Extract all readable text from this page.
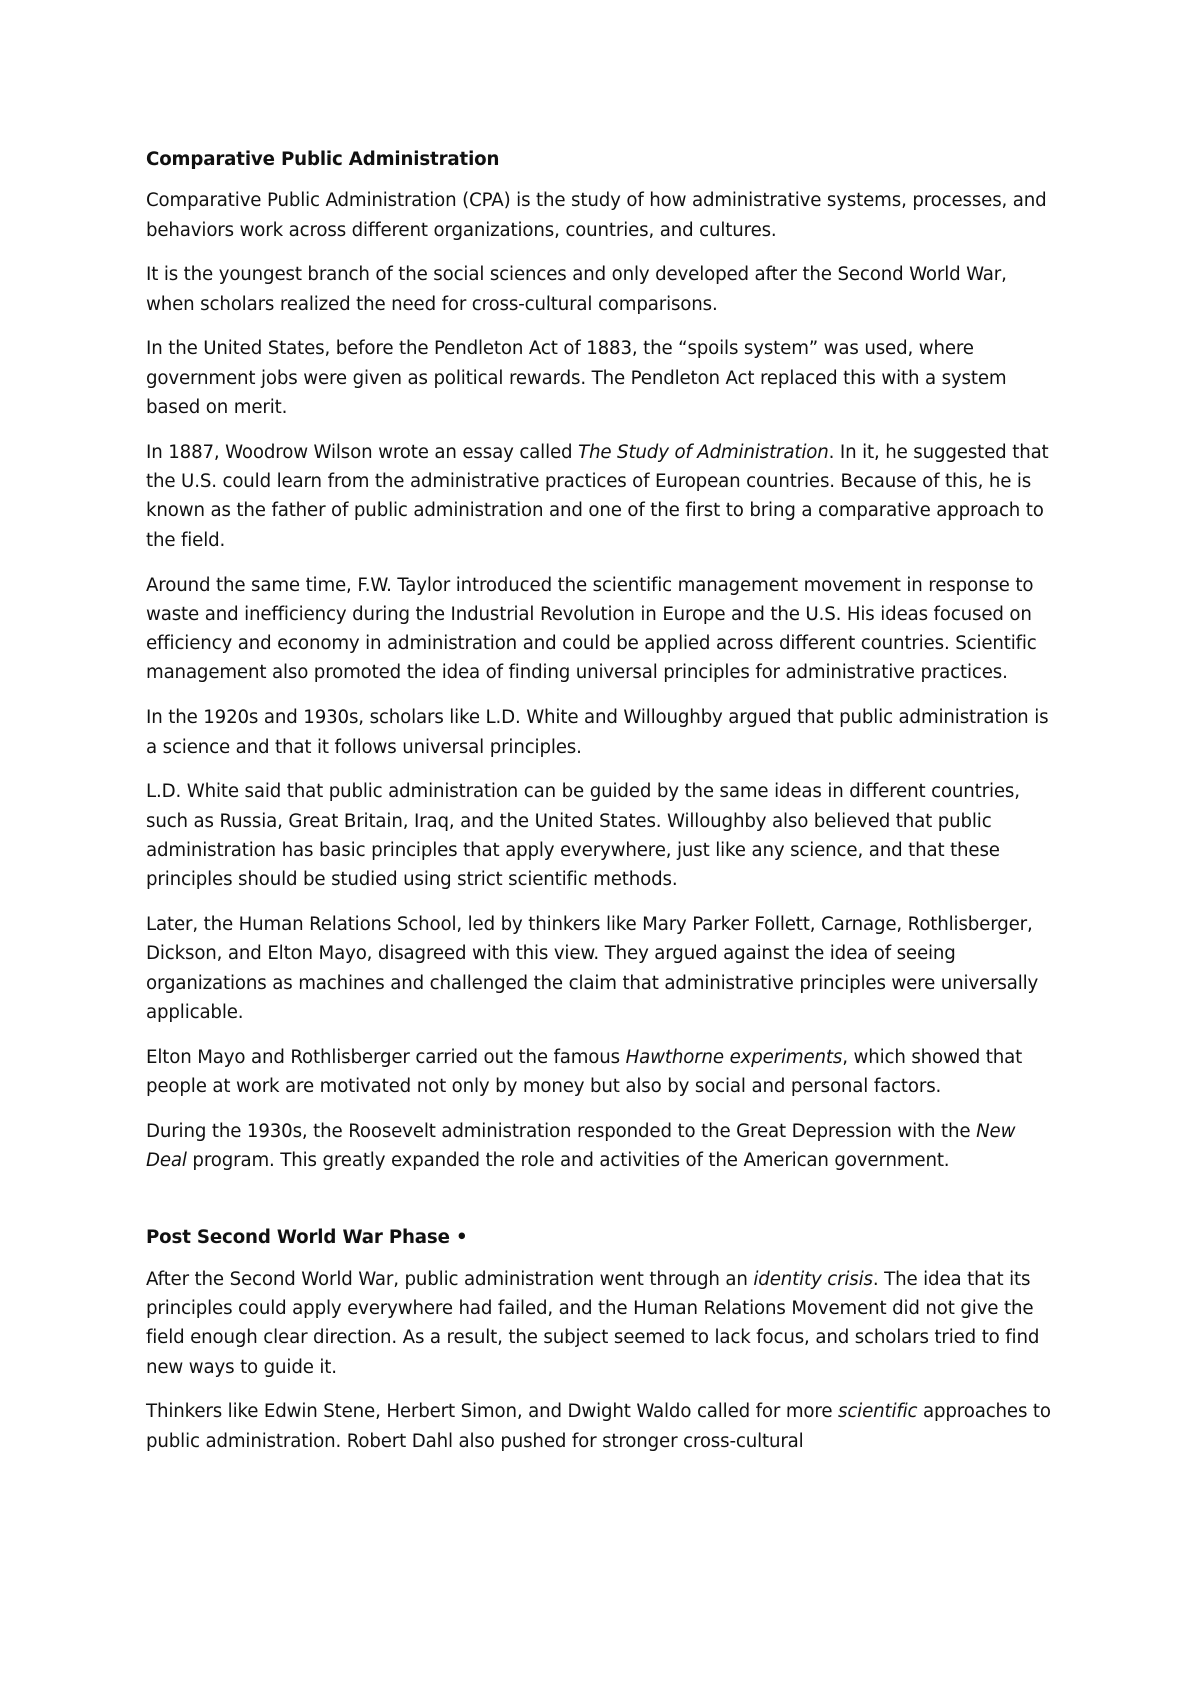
Comparative Public Administration

Comparative Public Administration (CPA) is the study of how administrative systems, processes, and behaviors work across different organizations, countries, and cultures.

It is the youngest branch of the social sciences and only developed after the Second World War, when scholars realized the need for cross-cultural comparisons.

In the United States, before the Pendleton Act of 1883, the “spoils system” was used, where government jobs were given as political rewards. The Pendleton Act replaced this with a system based on merit.

In 1887, Woodrow Wilson wrote an essay called The Study of Administration. In it, he suggested that the U.S. could learn from the administrative practices of European countries. Because of this, he is known as the father of public administration and one of the first to bring a comparative approach to the field.

Around the same time, F.W. Taylor introduced the scientific management movement in response to waste and inefficiency during the Industrial Revolution in Europe and the U.S. His ideas focused on efficiency and economy in administration and could be applied across different countries. Scientific management also promoted the idea of finding universal principles for administrative practices.

In the 1920s and 1930s, scholars like L.D. White and Willoughby argued that public administration is a science and that it follows universal principles.

L.D. White said that public administration can be guided by the same ideas in different countries, such as Russia, Great Britain, Iraq, and the United States. Willoughby also believed that public administration has basic principles that apply everywhere, just like any science, and that these principles should be studied using strict scientific methods.

Later, the Human Relations School, led by thinkers like Mary Parker Follett, Carnage, Rothlisberger, Dickson, and Elton Mayo, disagreed with this view. They argued against the idea of seeing organizations as machines and challenged the claim that administrative principles were universally applicable.

Elton Mayo and Rothlisberger carried out the famous Hawthorne experiments, which showed that people at work are motivated not only by money but also by social and personal factors.

During the 1930s, the Roosevelt administration responded to the Great Depression with the New Deal program. This greatly expanded the role and activities of the American government.

Post Second World War Phase •

After the Second World War, public administration went through an identity crisis. The idea that its principles could apply everywhere had failed, and the Human Relations Movement did not give the field enough clear direction. As a result, the subject seemed to lack focus, and scholars tried to find new ways to guide it.

Thinkers like Edwin Stene, Herbert Simon, and Dwight Waldo called for more scientific approaches to public administration. Robert Dahl also pushed for stronger cross-cultural
